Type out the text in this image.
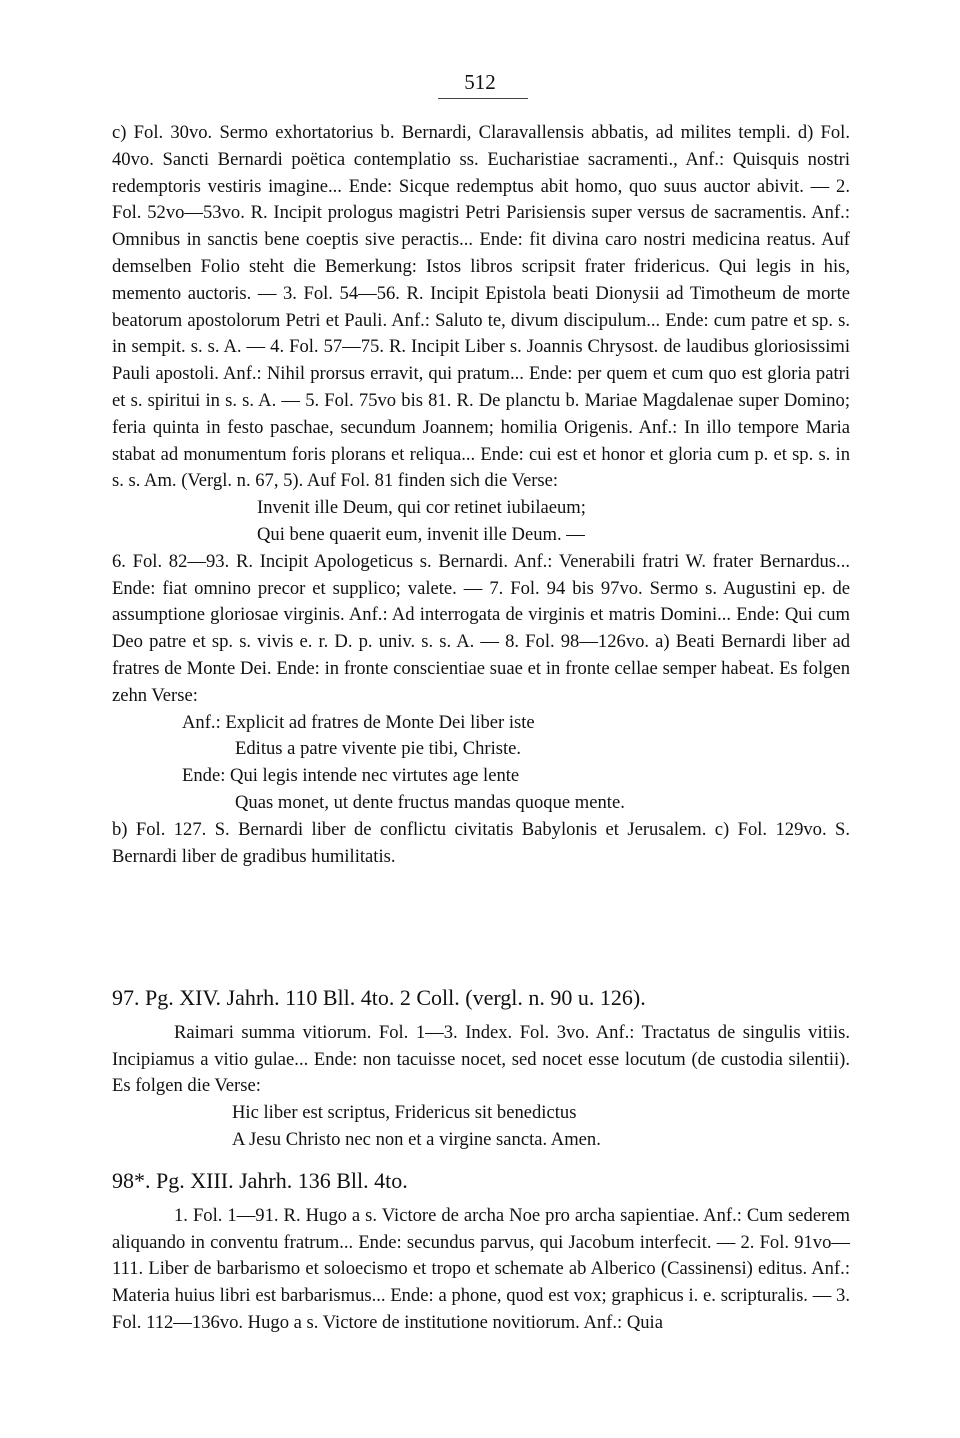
512

c) Fol. 30vo. Sermo exhortatorius b. Bernardi, Claravallensis abbatis, ad milites templi. d) Fol. 40vo. Sancti Bernardi poëtica contemplatio ss. Eucharistiae sacramenti., Anf.: Quisquis nostri redemptoris vestiris imagine... Ende: Sicque redemptus abit homo, quo suus auctor abivit. — 2. Fol. 52vo—53vo. R. Incipit prologus magistri Petri Parisiensis super versus de sacramentis. Anf.: Omnibus in sanctis bene coeptis sive peractis... Ende: fit divina caro nostri medicina reatus. Auf demselben Folio steht die Bemerkung: Istos libros scripsit frater fridericus. Qui legis in his, memento auctoris. — 3. Fol. 54—56. R. Incipit Epistola beati Dionysii ad Timotheum de morte beatorum apostolorum Petri et Pauli. Anf.: Saluto te, divum discipulum... Ende: cum patre et sp. s. in sempit. s. s. A. — 4. Fol. 57—75. R. Incipit Liber s. Joannis Chrysost. de laudibus gloriosissimi Pauli apostoli. Anf.: Nihil prorsus erravit, qui pratum... Ende: per quem et cum quo est gloria patri et s. spiritui in s. s. A. — 5. Fol. 75vo bis 81. R. De planctu b. Mariae Magdalenae super Domino; feria quinta in festo paschae, secundum Joannem; homilia Origenis. Anf.: In illo tempore Maria stabat ad monumentum foris plorans et reliqua... Ende: cui est et honor et gloria cum p. et sp. s. in s. s. Am. (Vergl. n. 67, 5). Auf Fol. 81 finden sich die Verse:

Invenit ille Deum, qui cor retinet iubilaeum;

Qui bene quaerit eum, invenit ille Deum. —

6. Fol. 82—93. R. Incipit Apologeticus s. Bernardi. Anf.: Venerabili fratri W. frater Bernardus... Ende: fiat omnino precor et supplico; valete. — 7. Fol. 94 bis 97vo. Sermo s. Augustini ep. de assumptione gloriosae virginis. Anf.: Ad interrogata de virginis et matris Domini... Ende: Qui cum Deo patre et sp. s. vivis e. r. D. p. univ. s. s. A. — 8. Fol. 98—126vo. a) Beati Bernardi liber ad fratres de Monte Dei. Ende: in fronte conscientiae suae et in fronte cellae semper habeat. Es folgen zehn Verse:

Anf.: Explicit ad fratres de Monte Dei liber iste

Editus a patre vivente pie tibi, Christe.

Ende: Qui legis intende nec virtutes age lente

Quas monet, ut dente fructus mandas quoque mente.

b) Fol. 127. S. Bernardi liber de conflictu civitatis Babylonis et Jerusalem. c) Fol. 129vo. S. Bernardi liber de gradibus humilitatis.

97. Pg. XIV. Jahrh. 110 Bll. 4to. 2 Coll. (vergl. n. 90 u. 126).

Raimari summa vitiorum. Fol. 1—3. Index. Fol. 3vo. Anf.: Tractatus de singulis vitiis. Incipiamus a vitio gulae... Ende: non tacuisse nocet, sed nocet esse locutum (de custodia silentii). Es folgen die Verse:

Hic liber est scriptus, Fridericus sit benedictus

A Jesu Christo nec non et a virgine sancta. Amen.

98*. Pg. XIII. Jahrh. 136 Bll. 4to.

1. Fol. 1—91. R. Hugo a s. Victore de archa Noe pro archa sapientiae. Anf.: Cum sederem aliquando in conventu fratrum... Ende: secundus parvus, qui Jacobum interfecit. — 2. Fol. 91vo—111. Liber de barbarismo et soloecismo et tropo et schemate ab Alberico (Cassinensi) editus. Anf.: Materia huius libri est barbarismus... Ende: a phone, quod est vox; graphicus i. e. scripturalis. — 3. Fol. 112—136vo. Hugo a s. Victore de institutione novitiorum. Anf.: Quia
